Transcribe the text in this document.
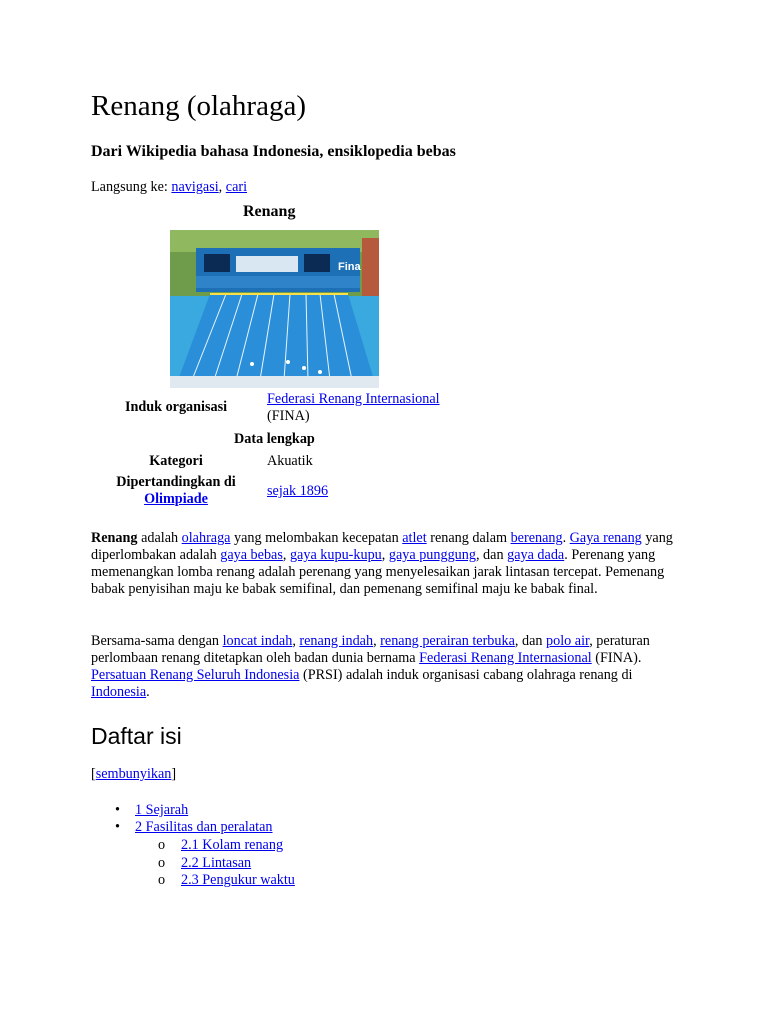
Renang (olahraga)
Dari Wikipedia bahasa Indonesia, ensiklopedia bebas
Langsung ke: navigasi, cari
Renang
Fina
Induk organisasi	Federasi Renang Internasional
(FINA)
Data lengkap
Kategori	Akuatik
Dipertandingkan di
Olimpiade	sejak 1896

Renang adalah olahraga yang melombakan kecepatan atlet renang dalam berenang. Gaya renang yang diperlombakan adalah gaya bebas, gaya kupu-kupu, gaya punggung, dan gaya dada. Perenang yang memenangkan lomba renang adalah perenang yang menyelesaikan jarak lintasan tercepat. Pemenang babak penyisihan maju ke babak semifinal, dan pemenang semifinal maju ke babak final.

Bersama-sama dengan loncat indah, renang indah, renang perairan terbuka, dan polo air, peraturan perlombaan renang ditetapkan oleh badan dunia bernama Federasi Renang Internasional (FINA). Persatuan Renang Seluruh Indonesia (PRSI) adalah induk organisasi cabang olahraga renang di Indonesia.

Daftar isi
[sembunyikan]
• 1 Sejarah
• 2 Fasilitas dan peralatan
o 2.1 Kolam renang
o 2.2 Lintasan
o 2.3 Pengukur waktu
